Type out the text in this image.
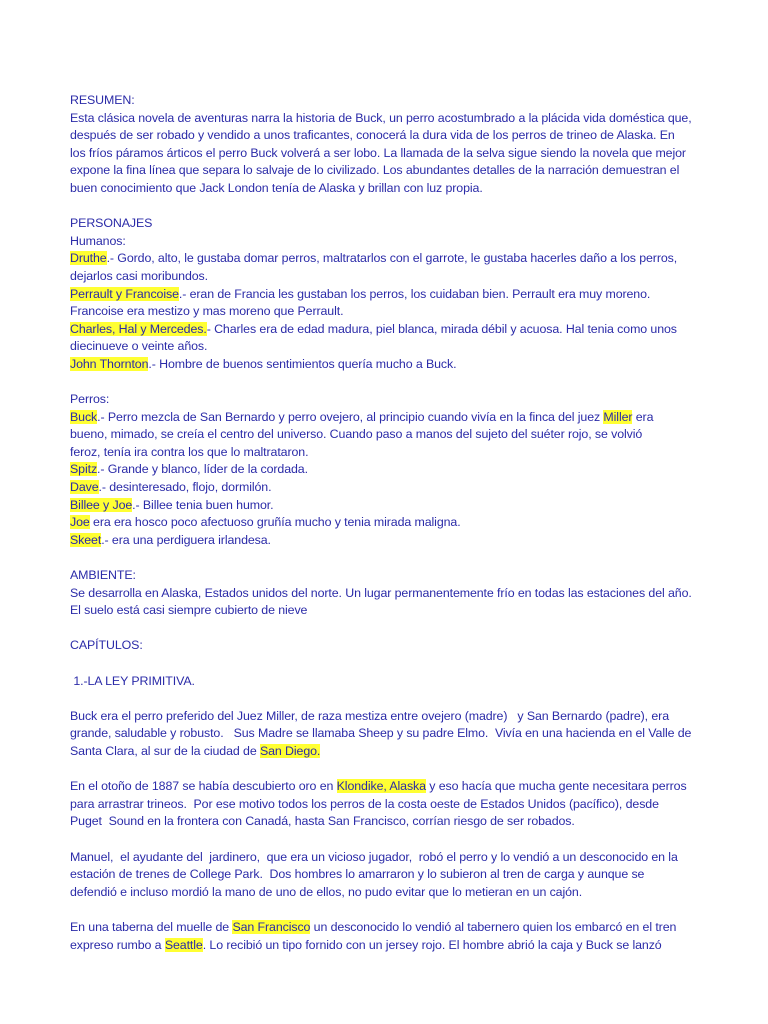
RESUMEN:
Esta clásica novela de aventuras narra la historia de Buck, un perro acostumbrado a la plácida vida doméstica que,
después de ser robado y vendido a unos traficantes, conocerá la dura vida de los perros de trineo de Alaska. En
los fríos páramos árticos el perro Buck volverá a ser lobo. La llamada de la selva sigue siendo la novela que mejor
expone la fina línea que separa lo salvaje de lo civilizado. Los abundantes detalles de la narración demuestran el
buen conocimiento que Jack London tenía de Alaska y brillan con luz propia.
PERSONAJES
Humanos:
Druthe.- Gordo, alto, le gustaba domar perros, maltratarlos con el garrote, le gustaba hacerles daño a los perros,
dejarlos casi moribundos.
Perrault y Francoise.- eran de Francia les gustaban los perros, los cuidaban bien. Perrault era muy moreno.
Francoise era mestizo y mas moreno que Perrault.
Charles, Hal y Mercedes.- Charles era de edad madura, piel blanca, mirada débil y acuosa. Hal tenia como unos
diecinueve o veinte años.
John Thornton.- Hombre de buenos sentimientos quería mucho a Buck.
Perros:
Buck.- Perro mezcla de San Bernardo y perro ovejero, al principio cuando vivía en la finca del juez Miller era
bueno, mimado, se creía el centro del universo. Cuando paso a manos del sujeto del suéter rojo, se volvió
feroz, tenía ira contra los que lo maltrataron.
Spitz.- Grande y blanco, líder de la cordada.
Dave.- desinteresado, flojo, dormilón.
Billee y Joe.- Billee tenia buen humor.
Joe era era hosco poco afectuoso gruñía mucho y tenia mirada maligna.
Skeet.- era una perdiguera irlandesa.
AMBIENTE:
Se desarrolla en Alaska, Estados unidos del norte. Un lugar permanentemente frío en todas las estaciones del año.
El suelo está casi siempre cubierto de nieve
CAPÍTULOS:
1.-LA LEY PRIMITIVA.
Buck era el perro preferido del Juez Miller, de raza mestiza entre ovejero (madre)   y San Bernardo (padre), era
grande, saludable y robusto.   Sus Madre se llamaba Sheep y su padre Elmo.  Vivía en una hacienda en el Valle de
Santa Clara, al sur de la ciudad de San Diego.
En el otoño de 1887 se había descubierto oro en Klondike, Alaska y eso hacía que mucha gente necesitara perros
para arrastrar trineos.  Por ese motivo todos los perros de la costa oeste de Estados Unidos (pacífico), desde
Puget  Sound en la frontera con Canadá, hasta San Francisco, corrían riesgo de ser robados.
Manuel,  el ayudante del  jardinero,  que era un vicioso jugador,  robó el perro y lo vendió a un desconocido en la
estación de trenes de College Park.  Dos hombres lo amarraron y lo subieron al tren de carga y aunque se
defendió e incluso mordió la mano de uno de ellos, no pudo evitar que lo metieran en un cajón.
En una taberna del muelle de San Francisco un desconocido lo vendió al tabernero quien los embarcó en el tren
expreso rumbo a Seattle. Lo recibió un tipo fornido con un jersey rojo. El hombre abrió la caja y Buck se lanzó
